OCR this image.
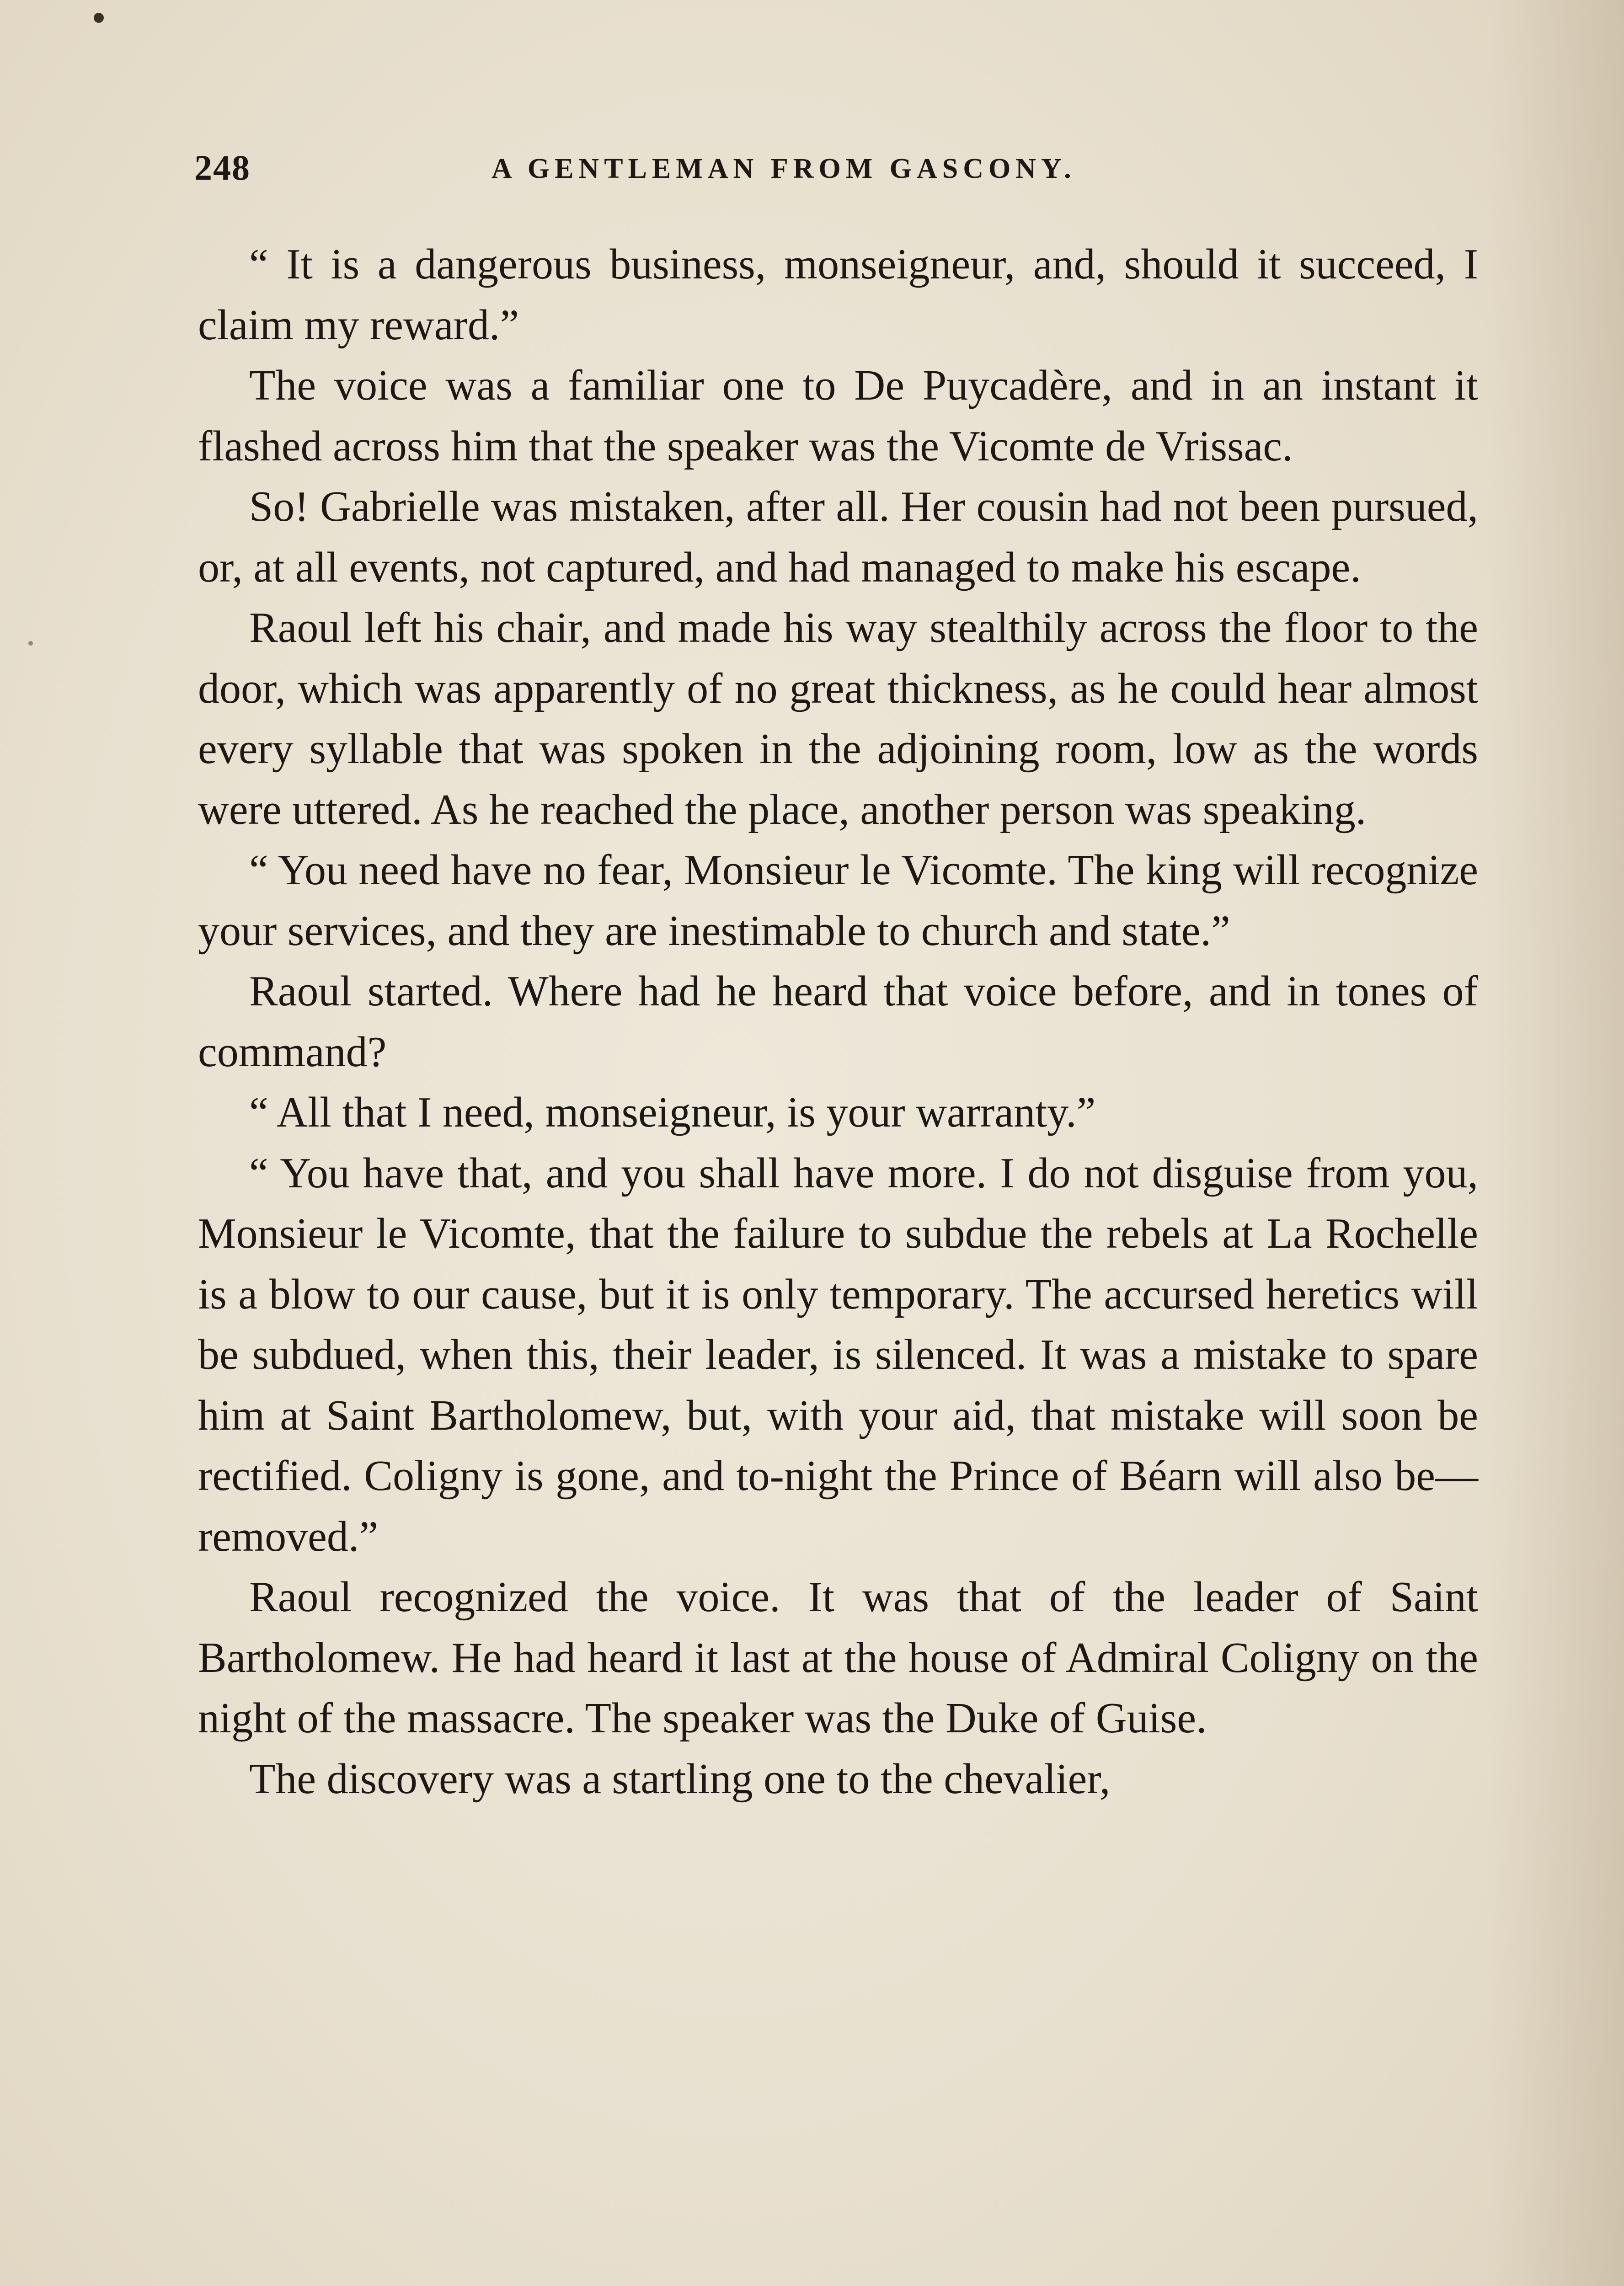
248	A GENTLEMAN FROM GASCONY.

“ It is a dangerous business, monseigneur, and, should it succeed, I claim my reward.”

The voice was a familiar one to De Puycadère, and in an instant it flashed across him that the speaker was the Vicomte de Vrissac.

So! Gabrielle was mistaken, after all. Her cousin had not been pursued, or, at all events, not captured, and had managed to make his escape.

Raoul left his chair, and made his way stealthily across the floor to the door, which was apparently of no great thickness, as he could hear almost every syllable that was spoken in the adjoining room, low as the words were uttered. As he reached the place, another person was speaking.

“ You need have no fear, Monsieur le Vicomte. The king will recognize your services, and they are inestimable to church and state.”

Raoul started. Where had he heard that voice before, and in tones of command?

“ All that I need, monseigneur, is your warranty.”

“ You have that, and you shall have more. I do not disguise from you, Monsieur le Vicomte, that the failure to subdue the rebels at La Rochelle is a blow to our cause, but it is only temporary. The accursed heretics will be subdued, when this, their leader, is silenced. It was a mistake to spare him at Saint Bartholomew, but, with your aid, that mistake will soon be rectified. Coligny is gone, and to-night the Prince of Béarn will also be—removed.”

Raoul recognized the voice. It was that of the leader of Saint Bartholomew. He had heard it last at the house of Admiral Coligny on the night of the massacre. The speaker was the Duke of Guise.

The discovery was a startling one to the chevalier,
